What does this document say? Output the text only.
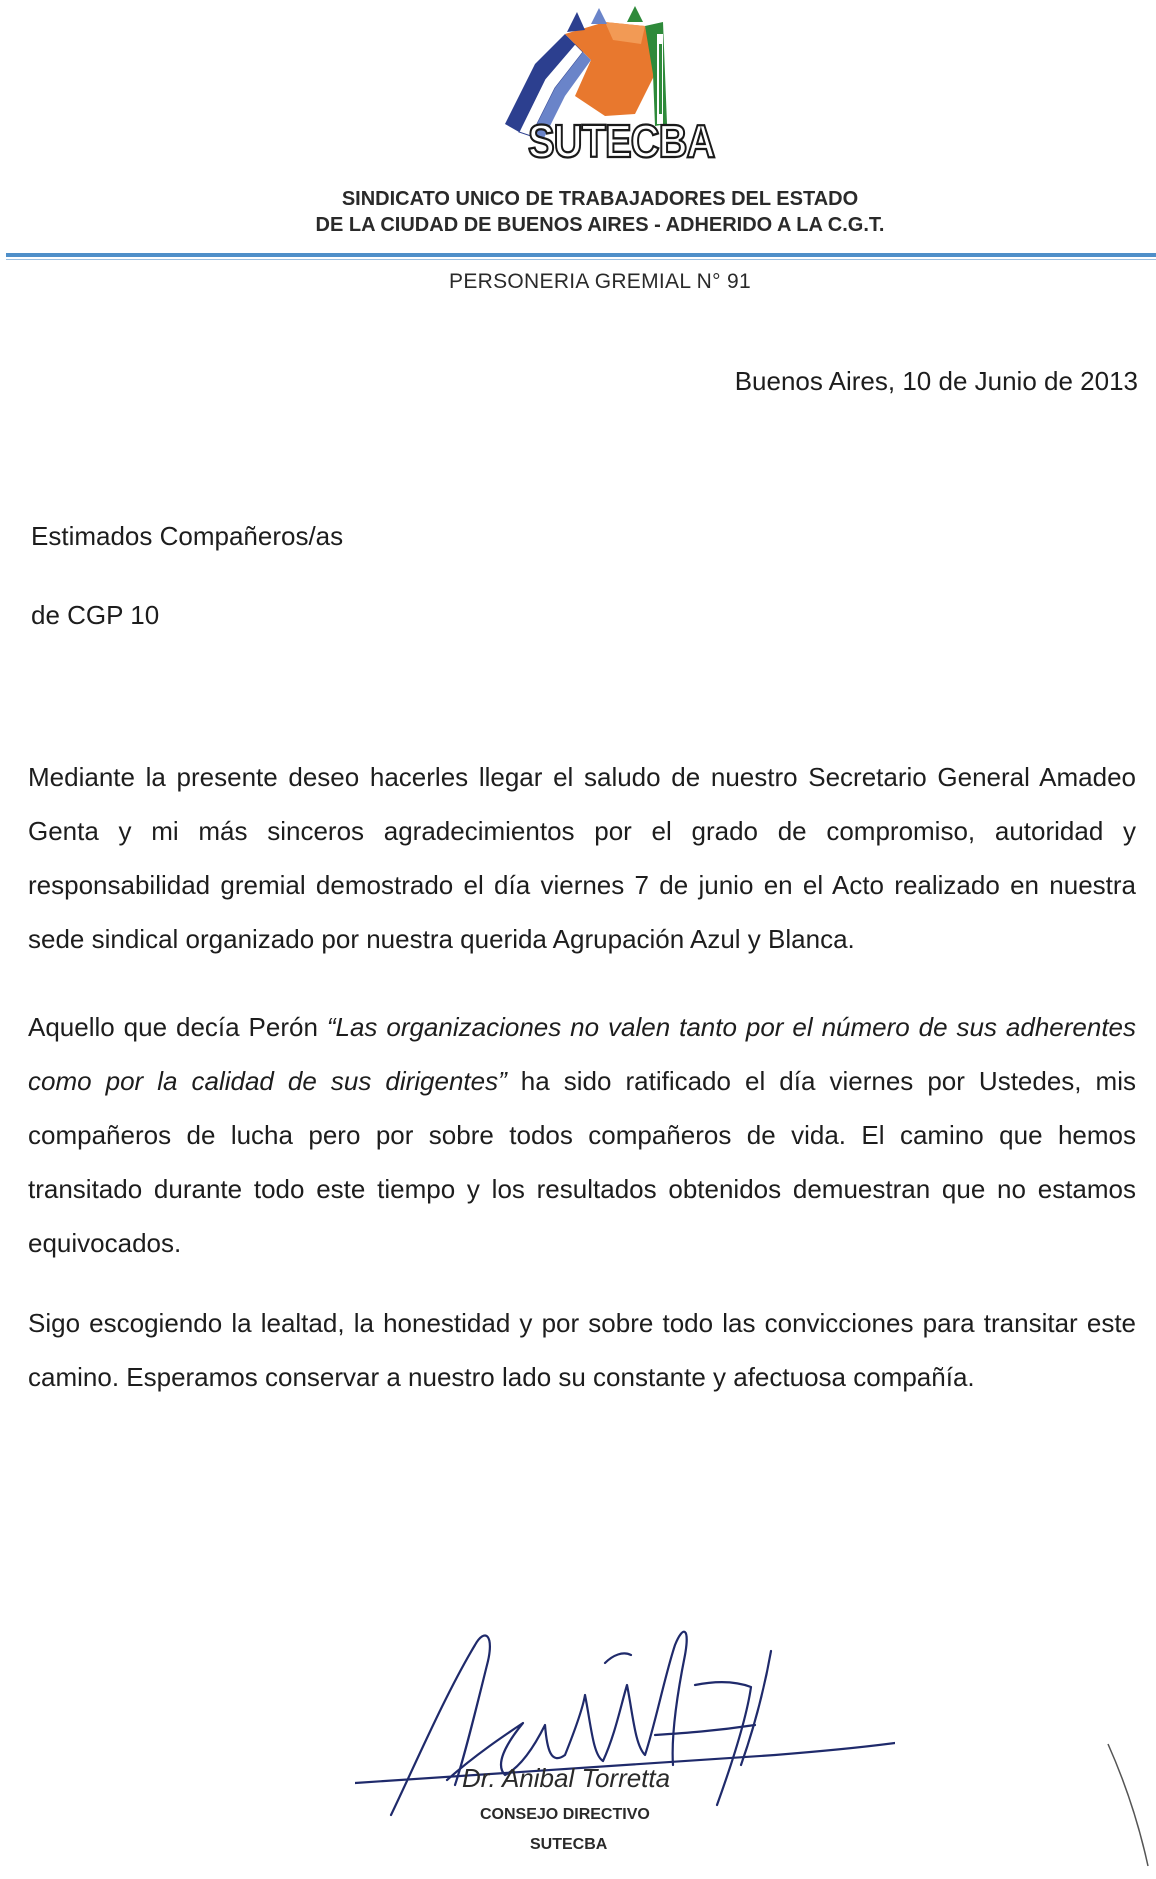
SUTECBA
SINDICATO UNICO DE TRABAJADORES DEL ESTADO
DE LA CIUDAD DE BUENOS AIRES - ADHERIDO A LA C.G.T.
PERSONERIA GREMIAL N° 91
Buenos Aires, 10 de Junio de 2013
Estimados Compañeros/as
de CGP 10

Mediante la presente deseo hacerles llegar el saludo de nuestro Secretario General Amadeo Genta y mi más sinceros agradecimientos por el grado de compromiso, autoridad y responsabilidad gremial demostrado el día viernes 7 de junio en el Acto realizado en nuestra sede sindical organizado por nuestra querida Agrupación Azul y Blanca.

Aquello que decía Perón “Las organizaciones no valen tanto por el número de sus adherentes como por la calidad de sus dirigentes” ha sido ratificado el día viernes por Ustedes, mis compañeros de lucha pero por sobre todos compañeros de vida. El camino que hemos transitado durante todo este tiempo y los resultados obtenidos demuestran que no estamos equivocados.

Sigo escogiendo la lealtad, la honestidad y por sobre todo las convicciones para transitar este camino. Esperamos conservar a nuestro lado su constante y afectuosa compañía.

Dr. Anibal Torretta
CONSEJO DIRECTIVO
SUTECBA
